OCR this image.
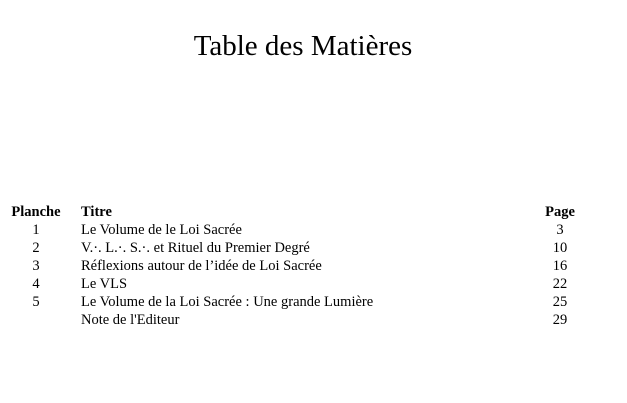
Table des Matières
Planche		Titre	Page
1		Le Volume de le Loi Sacrée	3
2		V.·. L.·. S.·. et Rituel du Premier Degré	10
3		Réflexions autour de l’idée de Loi Sacrée	16
4		Le VLS	22
5		Le Volume de la Loi Sacrée : Une grande Lumière	25
		Note de l'Editeur	29
